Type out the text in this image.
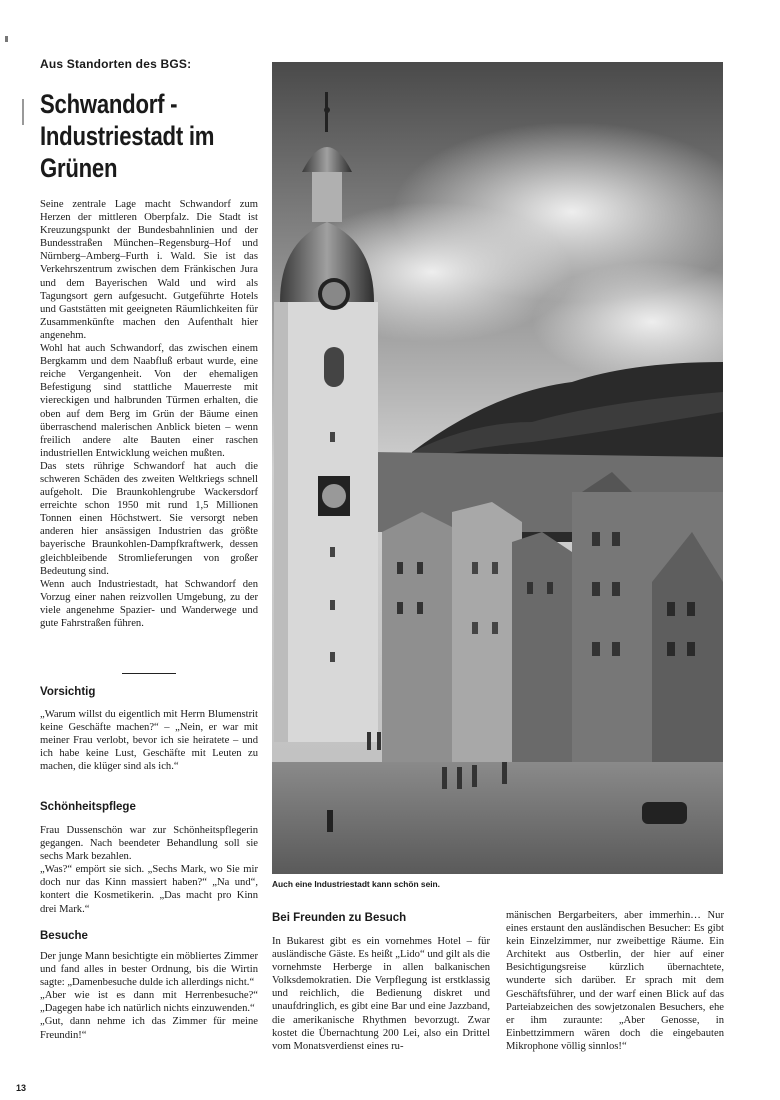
Aus Standorten des BGS:
Schwandorf -
Industriestadt im
Grünen

Seine zentrale Lage macht Schwandorf zum Herzen der mittleren Oberpfalz. Die Stadt ist Kreuzungspunkt der Bundesbahnlinien und der Bundesstraßen München–Regensburg–Hof und Nürnberg–Amberg–Furth i. Wald. Sie ist das Verkehrszentrum zwischen dem Fränkischen Jura und dem Bayerischen Wald und wird als Tagungsort gern aufgesucht. Gutgeführte Hotels und Gaststätten mit geeigneten Räumlichkeiten für Zusammenkünfte machen den Aufenthalt hier angenehm.

Wohl hat auch Schwandorf, das zwischen einem Bergkamm und dem Naabfluß erbaut wurde, eine reiche Vergangenheit. Von der ehemaligen Befestigung sind stattliche Mauerreste mit viereckigen und halbrunden Türmen erhalten, die oben auf dem Berg im Grün der Bäume einen überraschend malerischen Anblick bieten – wenn freilich andere alte Bauten einer raschen industriellen Entwicklung weichen mußten.

Das stets rührige Schwandorf hat auch die schweren Schäden des zweiten Weltkriegs schnell aufgeholt. Die Braunkohlengrube Wackersdorf erreichte schon 1950 mit rund 1,5 Millionen Tonnen einen Höchstwert. Sie versorgt neben anderen hier ansässigen Industrien das größte bayerische Braunkohlen-Dampfkraftwerk, dessen gleichbleibende Stromlieferungen von großer Bedeutung sind.

Wenn auch Industriestadt, hat Schwandorf den Vorzug einer nahen reizvollen Umgebung, zu der viele angenehme Spazier- und Wanderwege und gute Fahrstraßen führen.

Vorsichtig

„Warum willst du eigentlich mit Herrn Blumenstrit keine Geschäfte machen?“ – „Nein, er war mit meiner Frau verlobt, bevor ich sie heiratete – und ich habe keine Lust, Geschäfte mit Leuten zu machen, die klüger sind als ich.“

Schönheitspflege

Frau Dussenschön war zur Schönheitspflegerin gegangen. Nach beendeter Behandlung soll sie sechs Mark bezahlen.

„Was?“ empört sie sich. „Sechs Mark, wo Sie mir doch nur das Kinn massiert haben?“ „Na und“, kontert die Kosmetikerin. „Das macht pro Kinn drei Mark.“

Besuche

Der junge Mann besichtigte ein möbliertes Zimmer und fand alles in bester Ordnung, bis die Wirtin sagte: „Damenbesuche dulde ich allerdings nicht.“

„Aber wie ist es dann mit Herrenbesuche?“ „Dagegen habe ich natürlich nichts einzuwenden.“

„Gut, dann nehme ich das Zimmer für meine Freundin!“

13
Auch eine Industriestadt kann schön sein.
Bei Freunden zu Besuch

In Bukarest gibt es ein vornehmes Hotel – für ausländische Gäste. Es heißt „Lido“ und gilt als die vornehmste Herberge in allen balkanischen Volksdemokratien. Die Verpflegung ist erstklassig und reichlich, die Bedienung diskret und unaufdringlich, es gibt eine Bar und eine Jazzband, die amerikanische Rhythmen bevorzugt. Zwar kostet die Übernachtung 200 Lei, also ein Drittel vom Monatsverdienst eines ru-

mänischen Bergarbeiters, aber immerhin… Nur eines erstaunt den ausländischen Besucher: Es gibt kein Einzelzimmer, nur zweibettige Räume. Ein Architekt aus Ostberlin, der hier auf einer Besichtigungsreise kürzlich übernachtete, wunderte sich darüber. Er sprach mit dem Geschäftsführer, und der warf einen Blick auf das Parteiabzeichen des sowjetzonalen Besuchers, ehe er ihm zuraunte: „Aber Genosse, in Einbettzimmern wären doch die eingebauten Mikrophone völlig sinnlos!“
